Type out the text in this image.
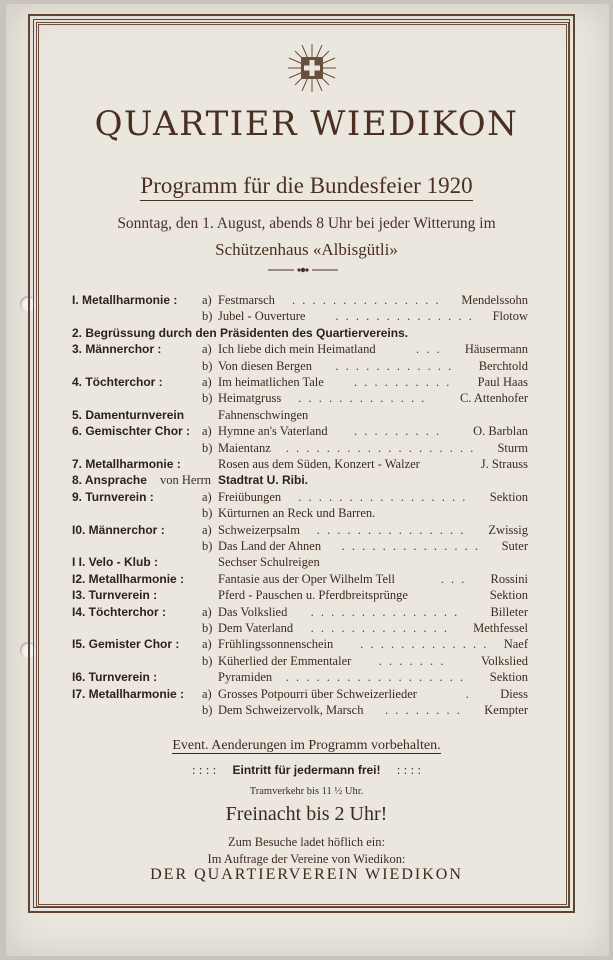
QUARTIER WIEDIKON
Programm für die Bundesfeier 1920
Sonntag, den 1. August, abends 8 Uhr bei jeder Witterung im
Schützenhaus «Albisgütli»
I. Metallharmonie : a) Festmarsch	Mendelssohn
. . . . . . . . . . . . . . .
b) Jubel - Ouverture	Flotow
. . . . . . . . . . . . . .
2. Begrüssung durch den Präsidenten des Quartiervereins.
3. Männerchor :	a) Ich liebe dich mein Heimatland	Häusermann
. . .
b) Von diesen Bergen	Berchtold
. . . . . . . . . . . .
4. Töchterchor :	a) Im heimatlichen Tale	Paul Haas
. . . . . . . . . .
b) Heimatgruss	C. Attenhofer
. . . . . . . . . . . . .
5. Damenturnverein	Fahnenschwingen
6. Gemischter Chor : a) Hymne an's Vaterland	O. Barblan
. . . . . . . . .
b) Maientanz	Sturm
. . . . . . . . . . . . . . . . . . .
7. Metallharmonie :	Rosen aus dem Süden, Konzert - Walzer	J. Strauss
8. Ansprache von Herrn Stadtrat U. Ribi.
9. Turnverein :	a) Freiübungen	Sektion
. . . . . . . . . . . . . . . . .
b) Kürturnen an Reck und Barren.
I0. Männerchor :	a) Schweizerpsalm	Zwissig
. . . . . . . . . . . . . . .
b) Das Land der Ahnen	Suter
. . . . . . . . . . . . . .
I I. Velo - Klub :	Sechser Schulreigen
I2. Metallharmonie :	Fantasie aus der Oper Wilhelm Tell	Rossini
. . .
I3. Turnverein :	Pferd - Pauschen u. Pferdbreitsprünge	Sektion
I4. Töchterchor :	a) Das Volkslied	Billeter
. . . . . . . . . . . . . . .
b) Dem Vaterland	Methfessel
. . . . . . . . . . . . . .
I5. Gemister Chor : a) Frühlingssonnenschein	Naef
. . . . . . . . . . . . .
b) Küherlied der Emmentaler	Volkslied
. . . . . . .
I6. Turnverein :	Pyramiden	Sektion
. . . . . . . . . . . . . . . . . .
I7. Metallharmonie : a) Grosses Potpourri über Schweizerlieder	Diess
.
b) Dem Schweizervolk, Marsch	Kempter
. . . . . . . .
Event. Aenderungen im Programm vorbehalten.
: : : : Eintritt für jedermann frei! : : : :
Tramverkehr bis 11 ½ Uhr.
Freinacht bis 2 Uhr!
Zum Besuche ladet höflich ein:
Im Auftrage der Vereine von Wiedikon:
DER QUARTIERVEREIN WIEDIKON
